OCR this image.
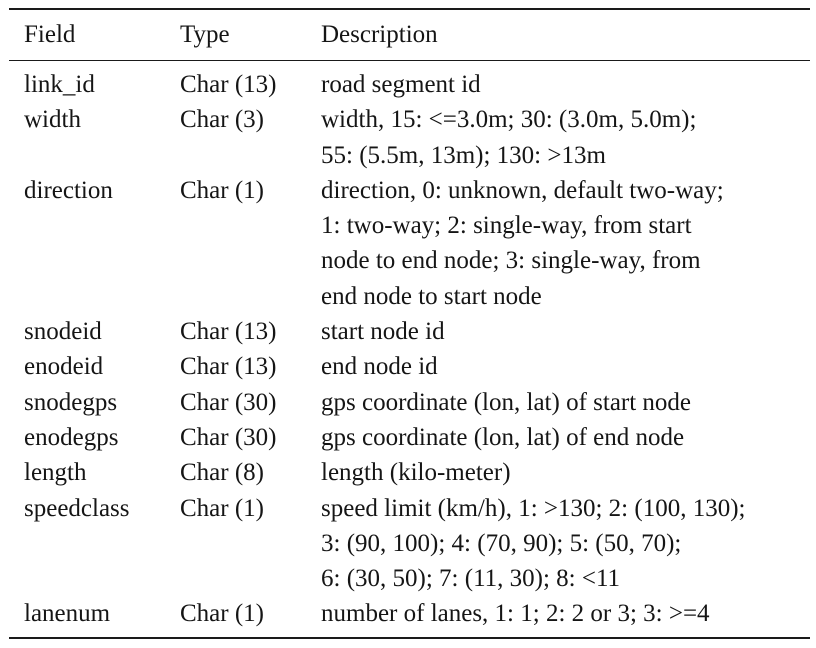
Field	Type	Description
link_id	Char (13) road segment id
width	Char (3) width, 15: <=3.0m; 30: (3.0m, 5.0m);
55: (5.5m, 13m); 130: >13m
direction	Char (1) direction, 0: unknown, default two-way;
1: two-way; 2: single-way, from start
node to end node; 3: single-way, from
end node to start node
snodeid	Char (13) start node id
enodeid	Char (13) end node id
snodegps	Char (30) gps coordinate (lon, lat) of start node
enodegps Char (30) gps coordinate (lon, lat) of end node
length	Char (8) length (kilo-meter)
speedclass Char (1) speed limit (km/h), 1: >130; 2: (100, 130);
3: (90, 100); 4: (70, 90); 5: (50, 70);
6: (30, 50); 7: (11, 30); 8: <11
lanenum	Char (1) number of lanes, 1: 1; 2: 2 or 3; 3: >=4
